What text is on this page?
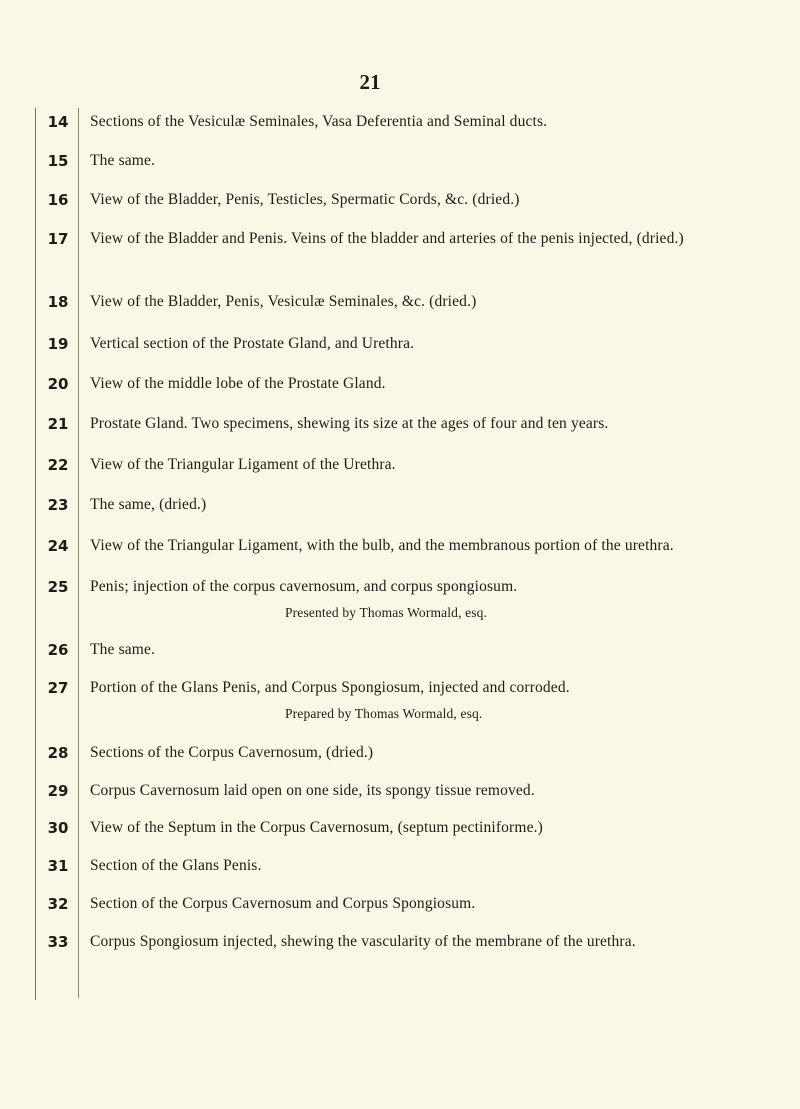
21
14	Sections of the Vesiculæ Seminales, Vasa Deferentia and Seminal ducts.
15	The same.
16	View of the Bladder, Penis, Testicles, Spermatic Cords, &c. (dried.)
17	View of the Bladder and Penis. Veins of the bladder and arteries of the penis injected, (dried.)
18	View of the Bladder, Penis, Vesiculæ Seminales, &c. (dried.)
19	Vertical section of the Prostate Gland, and Urethra.
20	View of the middle lobe of the Prostate Gland.
21	Prostate Gland. Two specimens, shewing its size at the ages of four and ten years.
22	View of the Triangular Ligament of the Urethra.
23	The same, (dried.)
24	View of the Triangular Ligament, with the bulb, and the membranous portion of the urethra.
25	Penis; injection of the corpus cavernosum, and corpus spongiosum.
Presented by Thomas Wormald, esq.
26	The same.
27	Portion of the Glans Penis, and Corpus Spongiosum, injected and corroded.
Prepared by Thomas Wormald, esq.
28	Sections of the Corpus Cavernosum, (dried.)
29	Corpus Cavernosum laid open on one side, its spongy tissue removed.
30	View of the Septum in the Corpus Cavernosum, (septum pectiniforme.)
31	Section of the Glans Penis.
32	Section of the Corpus Cavernosum and Corpus Spongiosum.
33	Corpus Spongiosum injected, shewing the vascularity of the membrane of the urethra.
